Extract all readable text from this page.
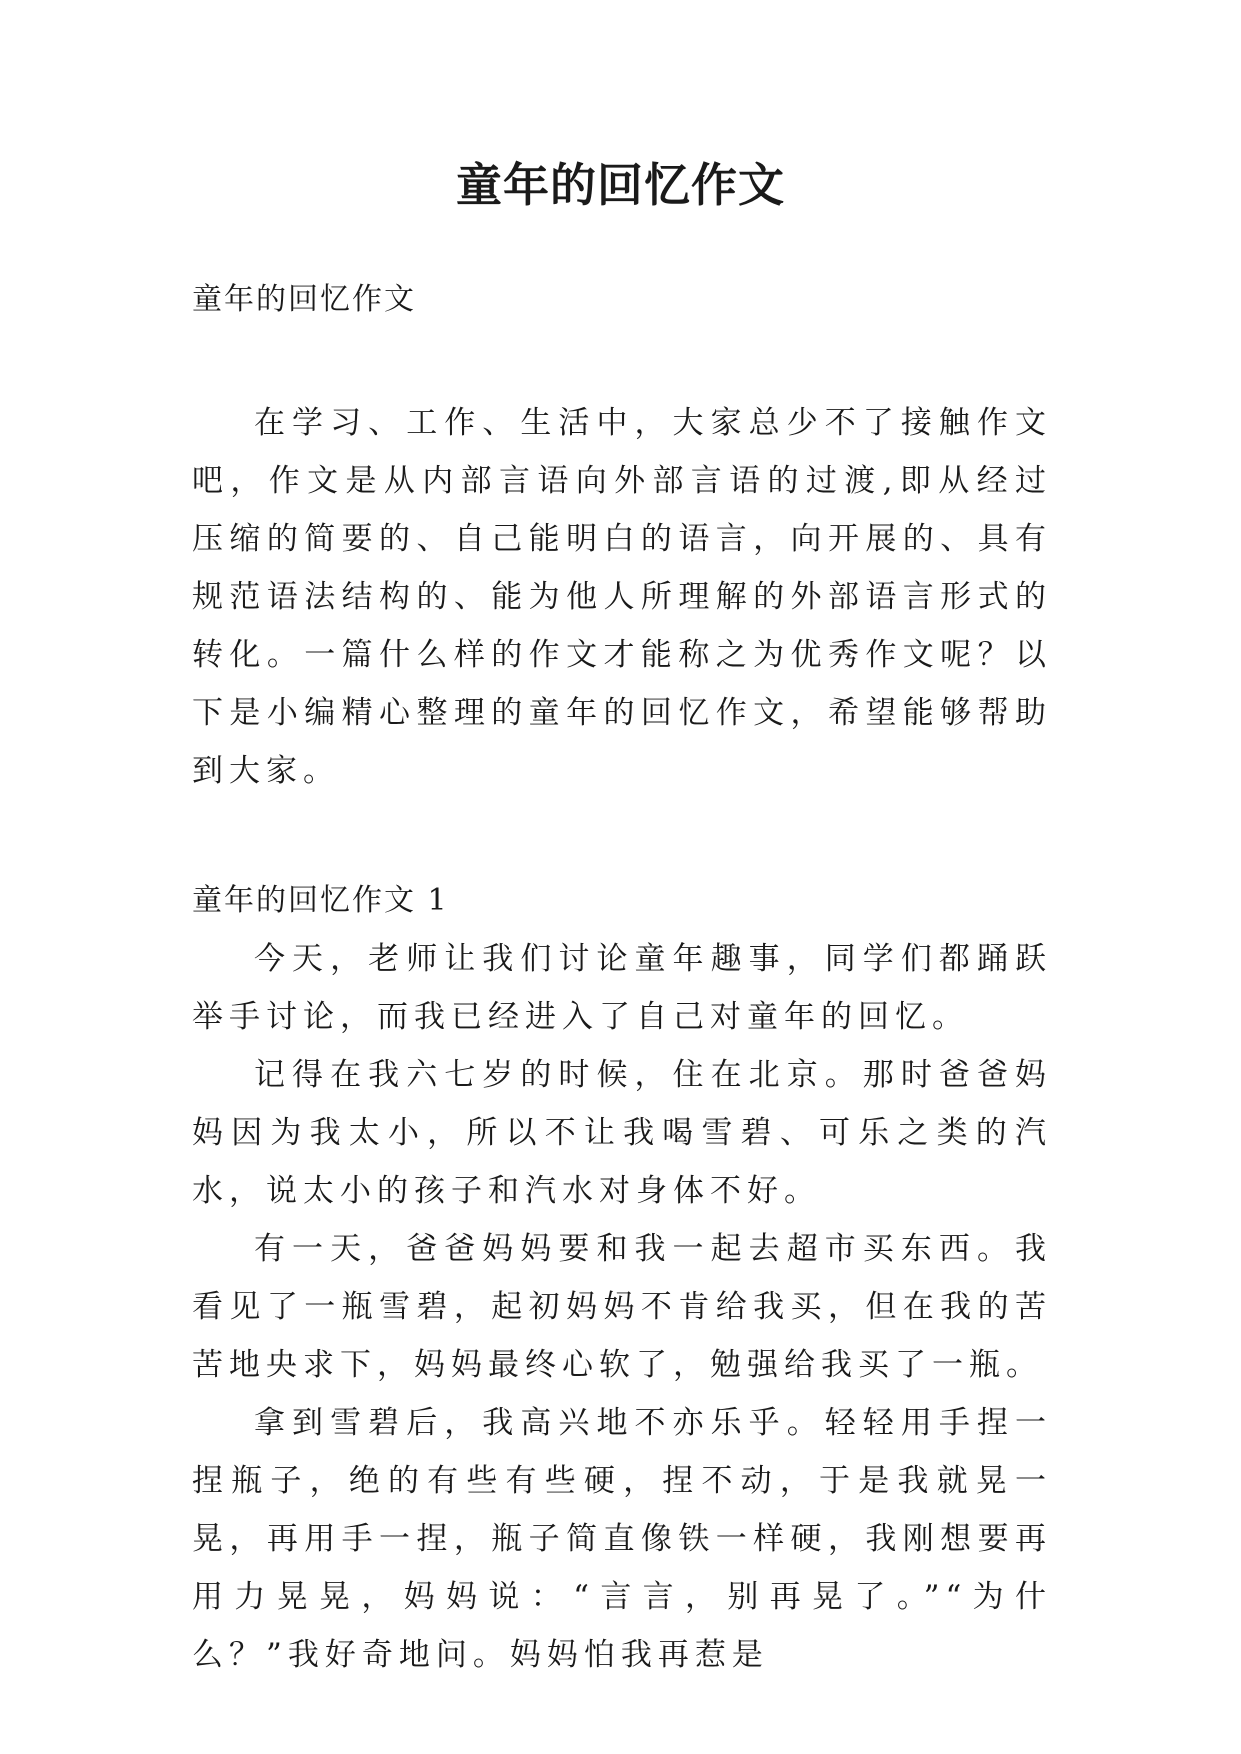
童年的回忆作文

童年的回忆作文

在学习、工作、生活中，大家总少不了接触作文吧，作文是从内部言语向外部言语的过渡,即从经过压缩的简要的、自己能明白的语言，向开展的、具有规范语法结构的、能为他人所理解的外部语言形式的转化。一篇什么样的作文才能称之为优秀作文呢？以下是小编精心整理的童年的回忆作文，希望能够帮助到大家。

童年的回忆作文 1

今天，老师让我们讨论童年趣事，同学们都踊跃举手讨论，而我已经进入了自己对童年的回忆。

记得在我六七岁的时候，住在北京。那时爸爸妈妈因为我太小，所以不让我喝雪碧、可乐之类的汽水，说太小的孩子和汽水对身体不好。

有一天，爸爸妈妈要和我一起去超市买东西。我看见了一瓶雪碧，起初妈妈不肯给我买，但在我的苦苦地央求下，妈妈最终心软了，勉强给我买了一瓶。

拿到雪碧后，我高兴地不亦乐乎。轻轻用手捏一捏瓶子，绝的有些有些硬，捏不动，于是我就晃一晃，再用手一捏，瓶子简直像铁一样硬，我刚想要再用力晃晃，妈妈说：“言言，别再晃了。”“为什么？”我好奇地问。妈妈怕我再惹是
